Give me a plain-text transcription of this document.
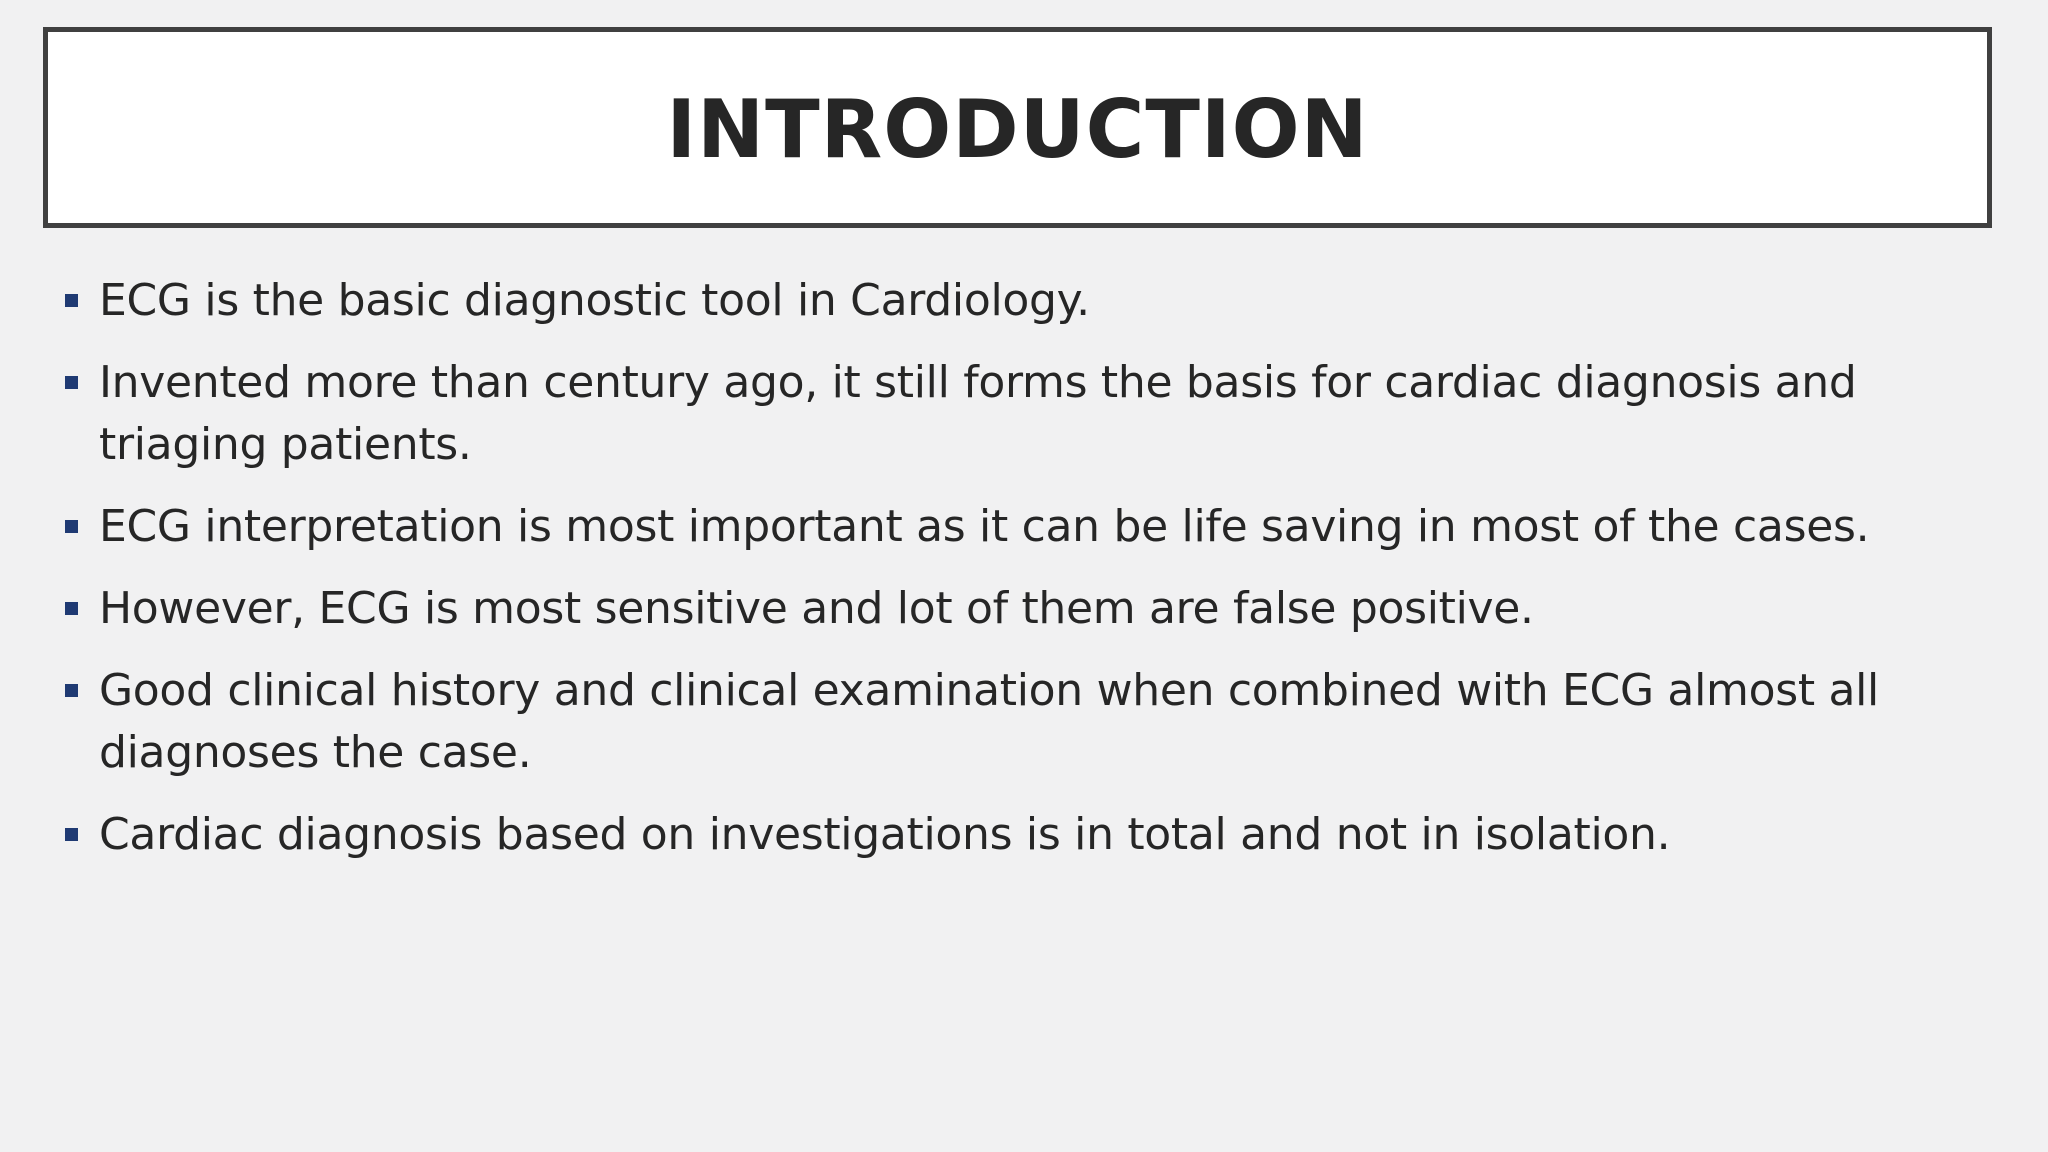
INTRODUCTION
ECG is the basic diagnostic tool in Cardiology.
Invented more than century ago, it still forms the basis for cardiac diagnosis and triaging patients.
ECG interpretation is most important as it can be life saving in most of the cases.
However, ECG is most sensitive and lot of them are false positive.
Good clinical history and clinical examination when combined with ECG almost all diagnoses the case.
Cardiac diagnosis based on investigations is in total and not in isolation.
